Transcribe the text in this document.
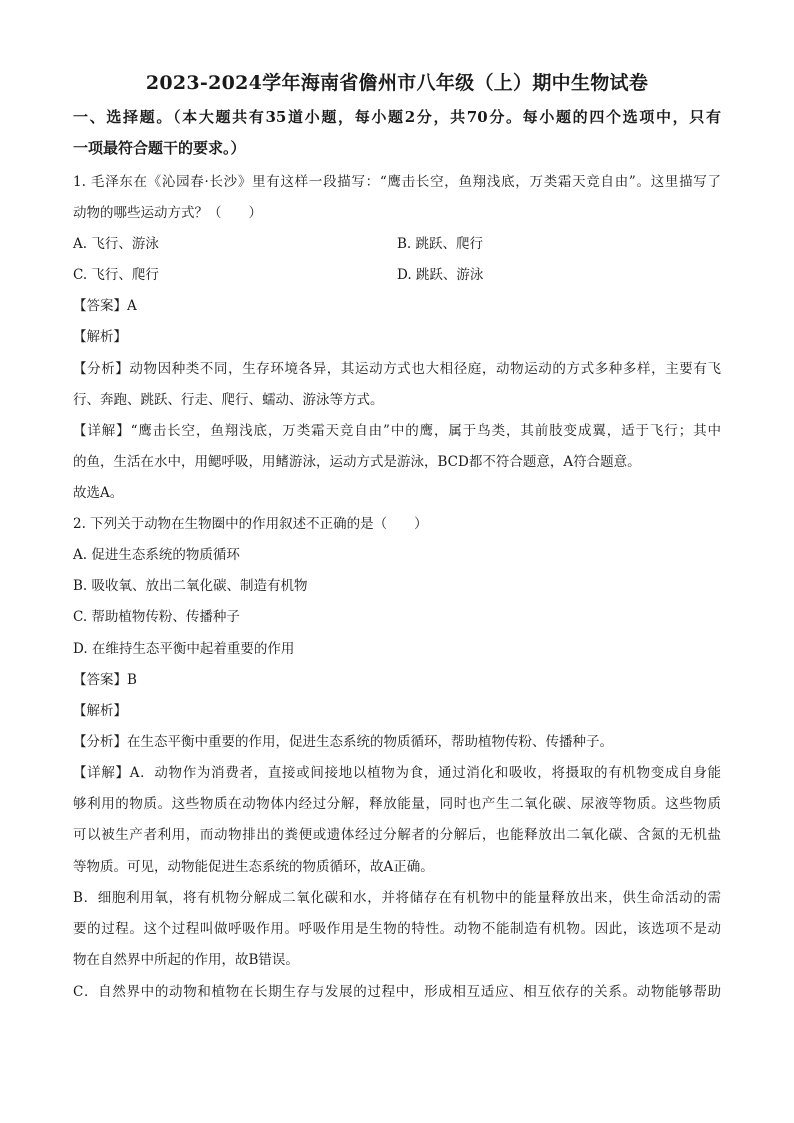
2023-2024学年海南省儋州市八年级（上）期中生物试卷
一、选择题。（本大题共有35道小题，每小题2分，共70分。每小题的四个选项中，只有
一项最符合题干的要求。）
1. 毛泽东在《沁园春·长沙》里有这样一段描写：“鹰击长空，鱼翔浅底，万类霜天竞自由”。这里描写了
动物的哪些运动方式？（　　）
A. 飞行、游泳	B. 跳跃、爬行
C. 飞行、爬行	D. 跳跃、游泳
【答案】A
【解析】
【分析】动物因种类不同，生存环境各异，其运动方式也大相径庭，动物运动的方式多种多样，主要有飞
行、奔跑、跳跃、行走、爬行、蠕动、游泳等方式。
【详解】“鹰击长空，鱼翔浅底，万类霜天竞自由”中的鹰，属于鸟类，其前肢变成翼，适于飞行；其中
的鱼，生活在水中，用鳃呼吸，用鳍游泳，运动方式是游泳，BCD都不符合题意，A符合题意。
故选A。
2. 下列关于动物在生物圈中的作用叙述不正确的是（　　）
A. 促进生态系统的物质循环
B. 吸收氧、放出二氧化碳、制造有机物
C. 帮助植物传粉、传播种子
D. 在维持生态平衡中起着重要的作用
【答案】B
【解析】
【分析】在生态平衡中重要的作用，促进生态系统的物质循环，帮助植物传粉、传播种子。
【详解】A．动物作为消费者，直接或间接地以植物为食，通过消化和吸收，将摄取的有机物变成自身能
够利用的物质。这些物质在动物体内经过分解，释放能量，同时也产生二氧化碳、尿液等物质。这些物质
可以被生产者利用，而动物排出的粪便或遗体经过分解者的分解后，也能释放出二氧化碳、含氮的无机盐
等物质。可见，动物能促进生态系统的物质循环，故A正确。
B．细胞利用氧，将有机物分解成二氧化碳和水，并将储存在有机物中的能量释放出来，供生命活动的需
要的过程。这个过程叫做呼吸作用。呼吸作用是生物的特性。动物不能制造有机物。因此，该选项不是动
物在自然界中所起的作用，故B错误。
C．自然界中的动物和植物在长期生存与发展的过程中，形成相互适应、相互依存的关系。动物能够帮助
